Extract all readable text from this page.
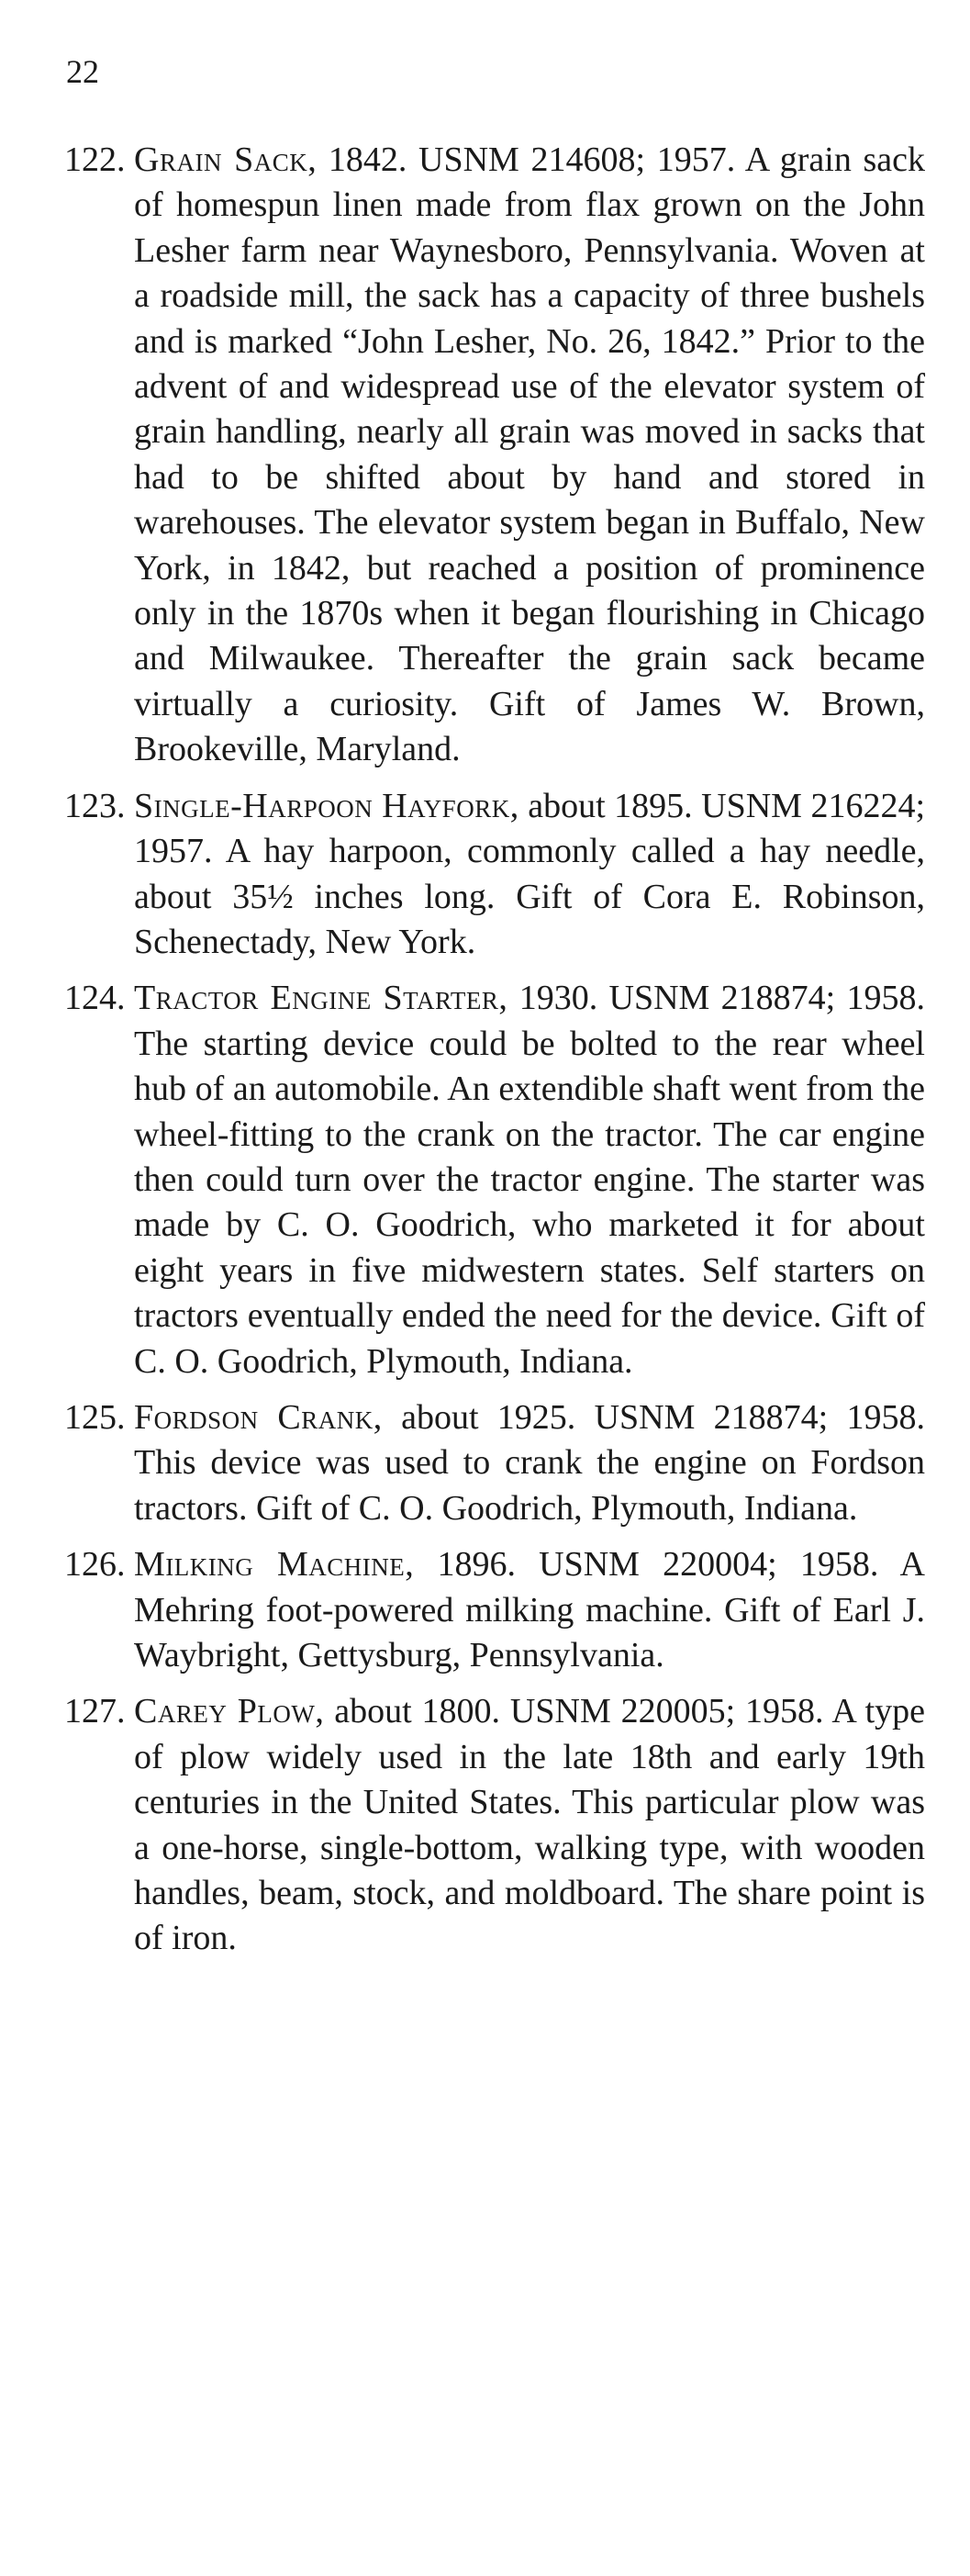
22
122. Grain Sack, 1842. USNM 214608; 1957. A grain sack of homespun linen made from flax grown on the John Lesher farm near Waynesboro, Pennsylvania. Woven at a roadside mill, the sack has a capacity of three bushels and is marked “John Lesher, No. 26, 1842.” Prior to the advent of and widespread use of the elevator system of grain handling, nearly all grain was moved in sacks that had to be shifted about by hand and stored in warehouses. The elevator system began in Buffalo, New York, in 1842, but reached a position of prominence only in the 1870s when it began flourishing in Chicago and Milwaukee. Thereafter the grain sack became virtually a curiosity. Gift of James W. Brown, Brookeville, Maryland.
123. Single-Harpoon Hayfork, about 1895. USNM 216224; 1957. A hay harpoon, commonly called a hay needle, about 35½ inches long. Gift of Cora E. Robinson, Schenectady, New York.
124. Tractor Engine Starter, 1930. USNM 218874; 1958. The starting device could be bolted to the rear wheel hub of an automobile. An extendible shaft went from the wheel-fitting to the crank on the tractor. The car engine then could turn over the tractor engine. The starter was made by C. O. Goodrich, who marketed it for about eight years in five midwestern states. Self starters on tractors eventually ended the need for the device. Gift of C. O. Goodrich, Plymouth, Indiana.
125. Fordson Crank, about 1925. USNM 218874; 1958. This device was used to crank the engine on Fordson tractors. Gift of C. O. Goodrich, Plymouth, Indiana.
126. Milking Machine, 1896. USNM 220004; 1958. A Mehring foot-powered milking machine. Gift of Earl J. Waybright, Gettysburg, Pennsylvania.
127. Carey Plow, about 1800. USNM 220005; 1958. A type of plow widely used in the late 18th and early 19th centuries in the United States. This particular plow was a one-horse, single-bottom, walking type, with wooden handles, beam, stock, and moldboard. The share point is of iron.
